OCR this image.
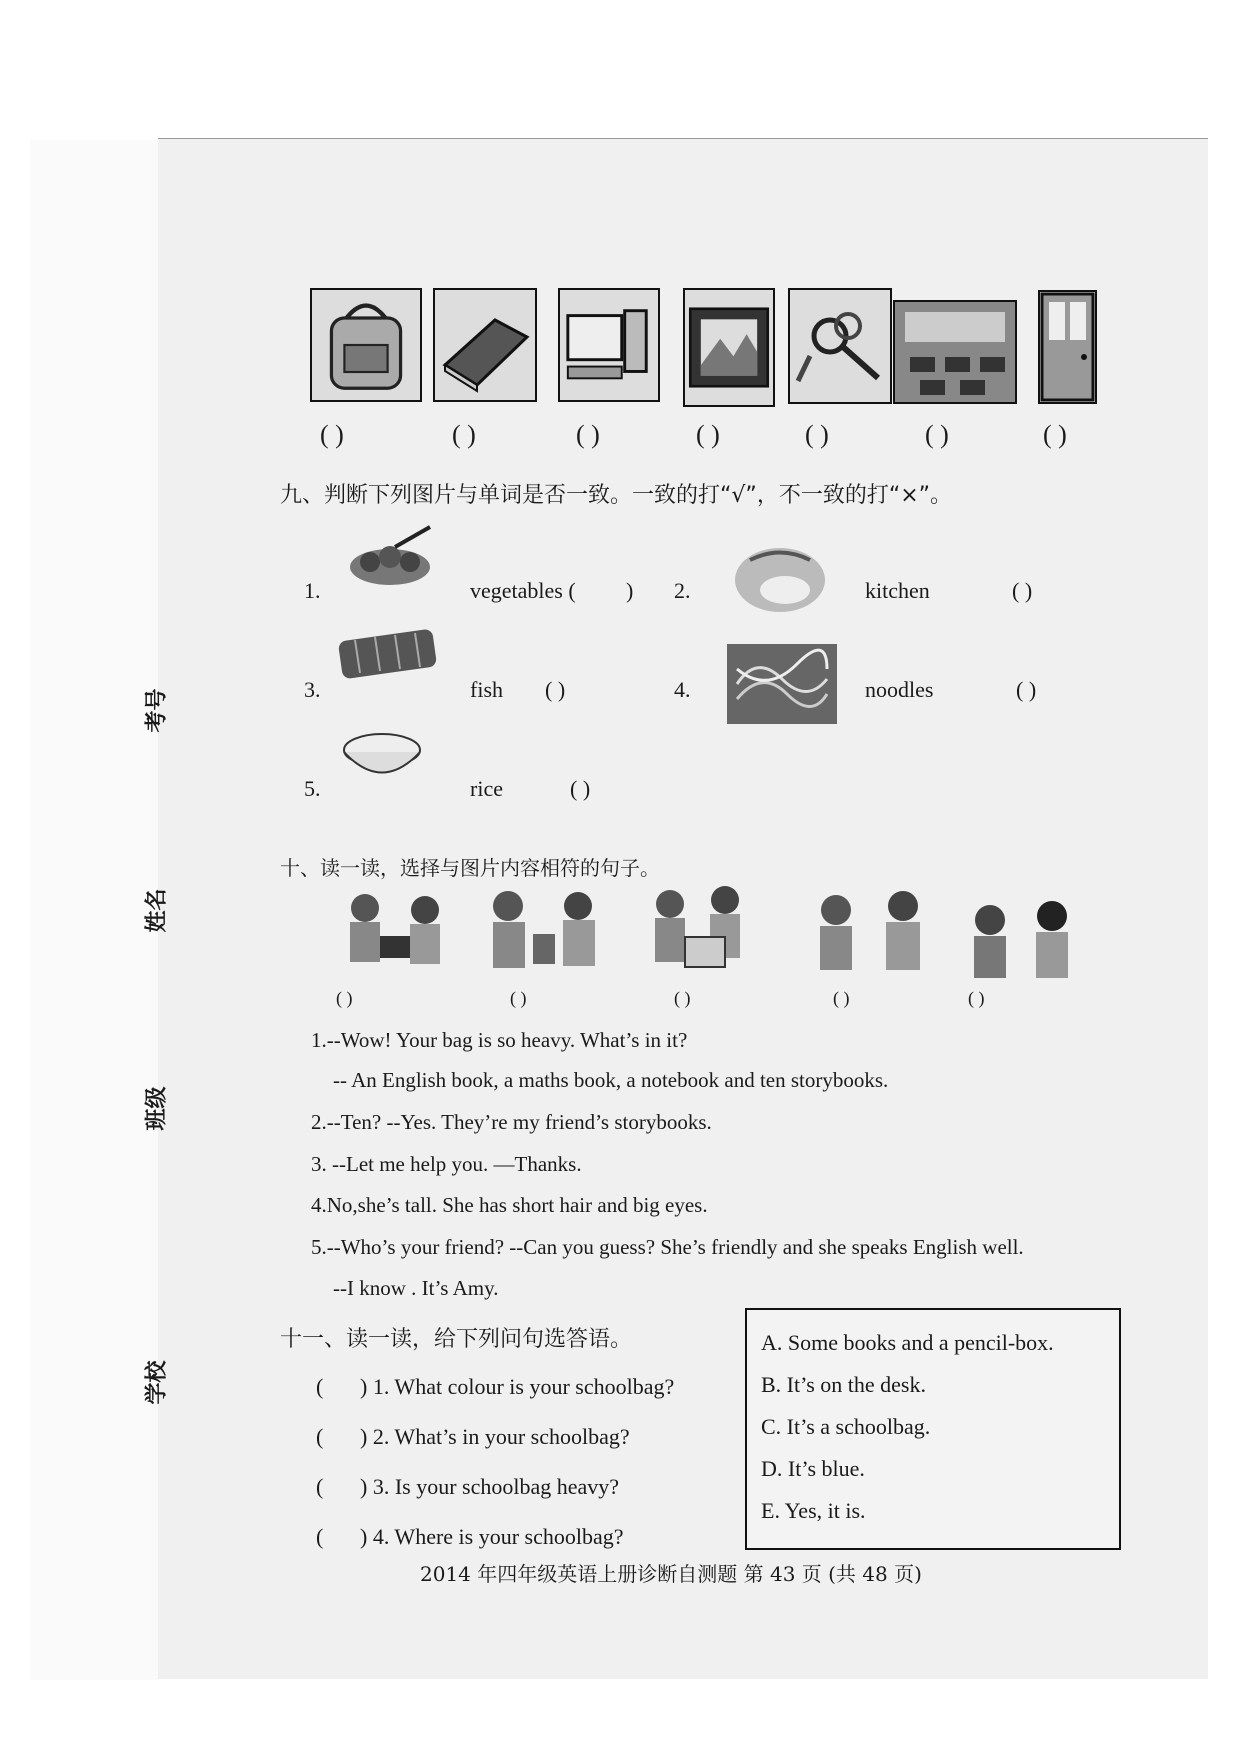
考号
姓名
班级
学校
( )	( )	( )	( )	( )	( )	( )
九、判断下列图片与单词是否一致。一致的打“√”，不一致的打“×”。
1.	vegetables ( ) 2.	kitchen	( )
3.	fish ( )	4.	noodles	( )
5.	rice	( )
十、读一读，选择与图片内容相符的句子。
( )	( )	( )	( )	( )
1.--Wow! Your bag is so heavy. What’s in it?
-- An English book, a maths book, a notebook and ten storybooks.
2.--Ten? --Yes. They’re my friend’s storybooks.
3. --Let me help you. —Thanks.
4.No,she’s tall. She has short hair and big eyes.
5.--Who’s your friend? --Can you guess? She’s friendly and she speaks English well.
--I know . It’s Amy.
十一、读一读，给下列问句选答语。
( ) 1. What colour is your schoolbag?
( ) 2. What’s in your schoolbag?
( ) 3. Is your schoolbag heavy?
( ) 4. Where is your schoolbag?
A. Some books and a pencil-box.
B. It’s on the desk.
C. It’s a schoolbag.
D. It’s blue.
E. Yes, it is.
2014 年四年级英语上册诊断自测题 第 43 页 (共 48 页)
